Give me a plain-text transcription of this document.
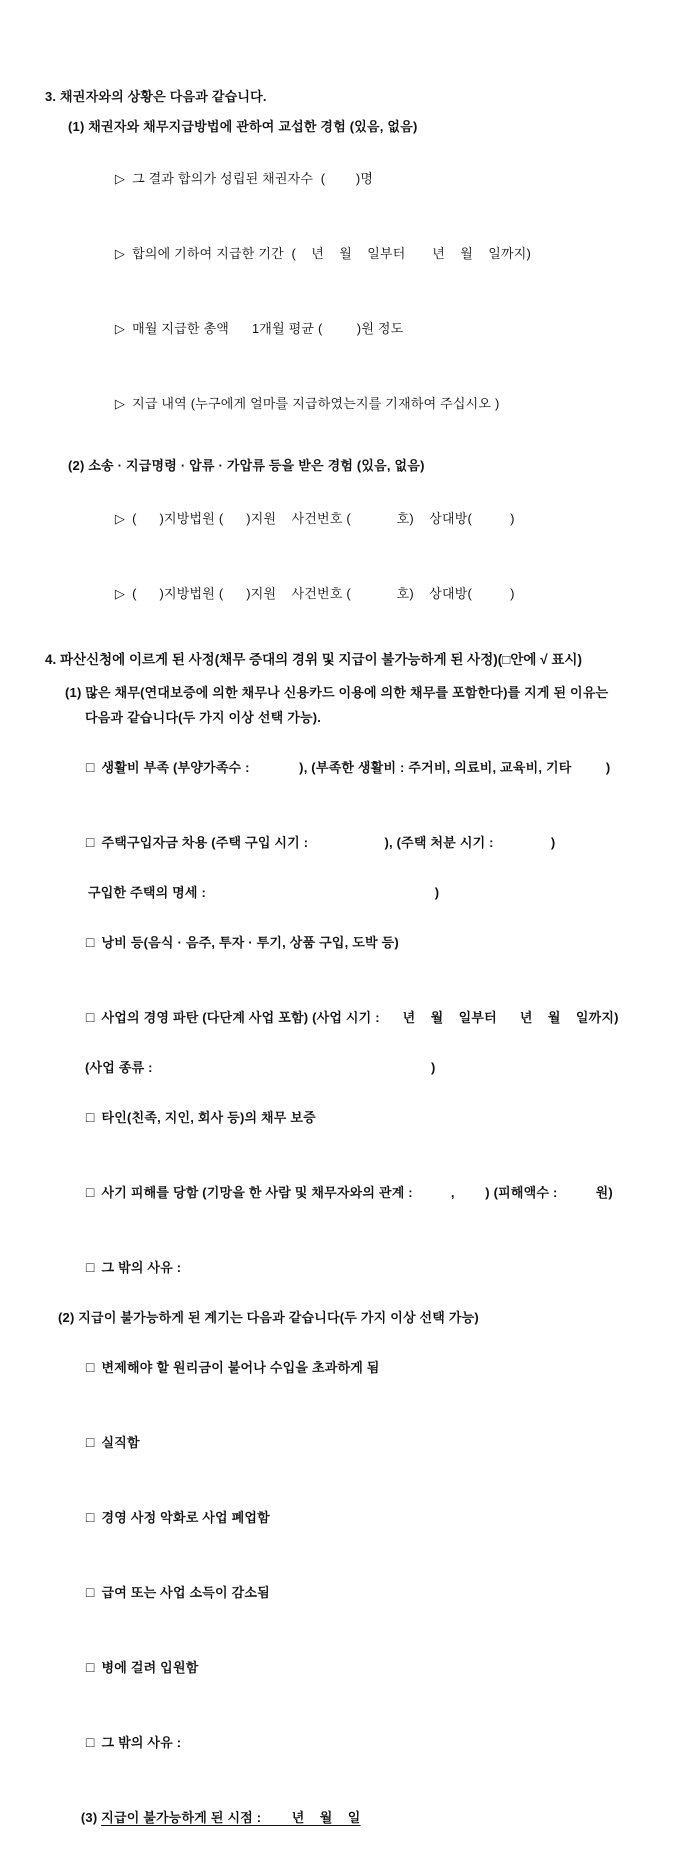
3. 채권자와의 상황은 다음과 같습니다.
(1) 채권자와 채무지급방법에 관하여 교섭한 경험 (있음, 없음)

▷ 그 결과 합의가 성립된 채권자수  (        )명

▷ 합의에 기하여 지급한 기간  (    년    월    일부터       년    월    일까지)

▷ 매월 지급한 총액      1개월 평균 (         )원 정도

▷ 지급 내역 (누구에게 얼마를 지급하였는지를 기재하여 주십시오 )

(2) 소송 · 지급명령 · 압류 · 가압류 등을 받은 경험 (있음, 없음)

▷ (      )지방법원 (      )지원    사건번호 (            호)    상대방(          )

▷ (      )지방법원 (      )지원    사건번호 (            호)    상대방(          )

4. 파산신청에 이르게 된 사정(채무 증대의 경위 및 지급이 불가능하게 된 사정)(□안에 √ 표시)
(1) 많은 채무(연대보증에 의한 채무나 신용카드 이용에 의한 채무를 포함한다)를 지게 된 이유는
다음과 같습니다(두 가지 이상 선택 가능).

□ 생활비 부족 (부양가족수 :             ), (부족한 생활비 : 주거비, 의료비, 교육비, 기타         )

□ 주택구입자금 차용 (주택 구입 시기 :                    ), (주택 처분 시기 :               )

구입한 주택의 명세 :                                                            )

□ 낭비 등(음식 · 음주, 투자 · 투기, 상품 구입, 도박 등)

□ 사업의 경영 파탄 (다단계 사업 포함) (사업 시기 :      년    월    일부터      년    월    일까지)

(사업 종류 :                                                                         )

□ 타인(친족, 지인, 회사 등)의 채무 보증

□ 사기 피해를 당함 (기망을 한 사람 및 채무자와의 관계 :          ,        ) (피해액수 :          원)

□ 그 밖의 사유 :

(2) 지급이 불가능하게 된 계기는 다음과 같습니다(두 가지 이상 선택 가능)

□ 변제해야 할 원리금이 불어나 수입을 초과하게 됨

□ 실직함

□ 경영 사정 악화로 사업 폐업함

□ 급여 또는 사업 소득이 감소됨

□ 병에 걸려 입원함

□ 그 밖의 사유 :

(3) 지급이 불가능하게 된 시점 :        년    월    일
